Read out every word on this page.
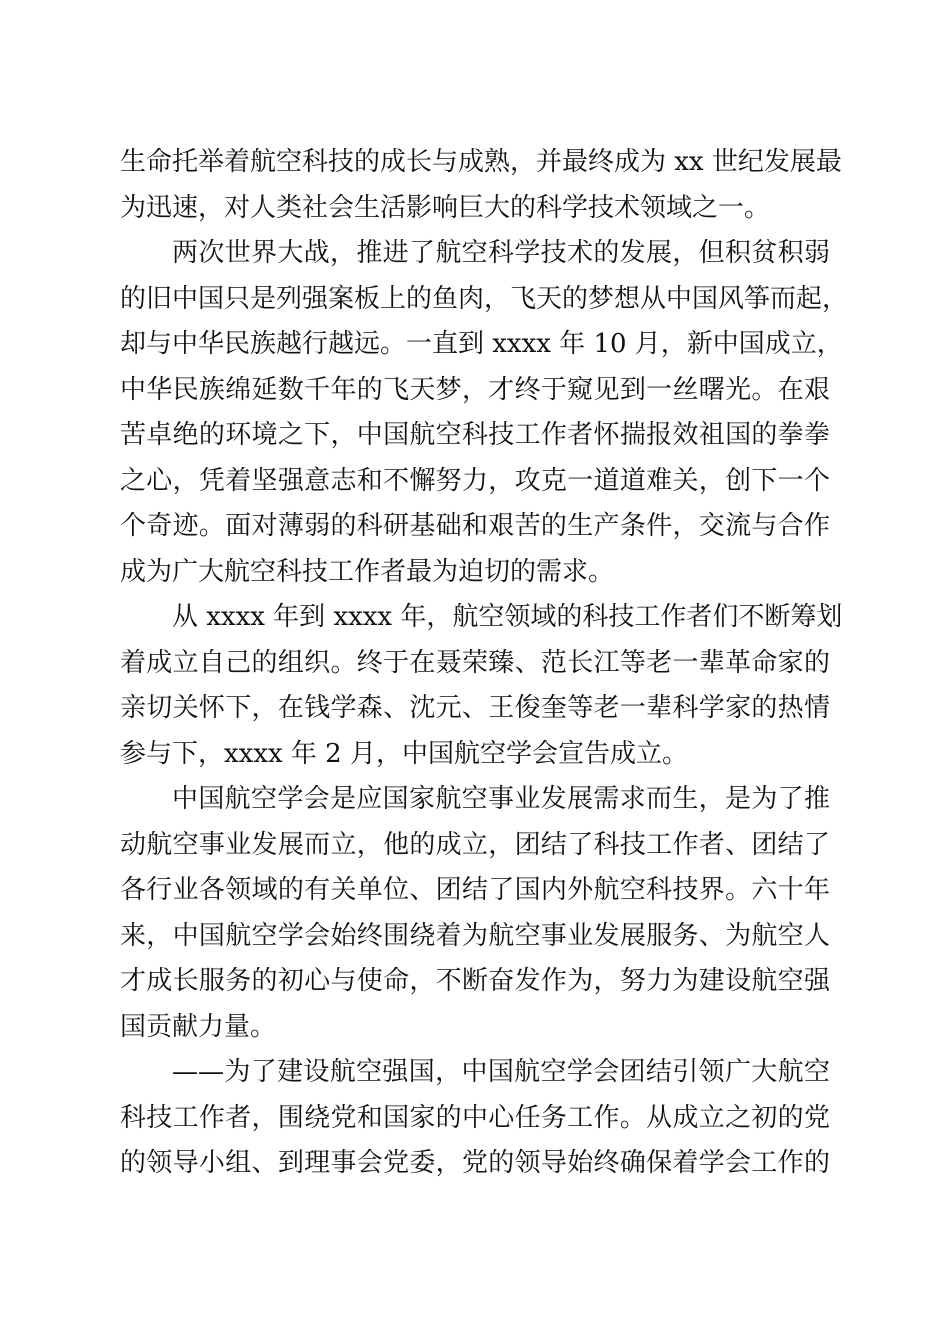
生命托举着航空科技的成长与成熟，并最终成为 xx 世纪发展最
为迅速，对人类社会生活影响巨大的科学技术领域之一。
两次世界大战，推进了航空科学技术的发展，但积贫积弱
的旧中国只是列强案板上的鱼肉，飞天的梦想从中国风筝而起，
却与中华民族越行越远。一直到 xxxx 年 10 月，新中国成立，
中华民族绵延数千年的飞天梦，才终于窥见到一丝曙光。在艰
苦卓绝的环境之下，中国航空科技工作者怀揣报效祖国的拳拳
之心，凭着坚强意志和不懈努力，攻克一道道难关，创下一个
个奇迹。面对薄弱的科研基础和艰苦的生产条件，交流与合作
成为广大航空科技工作者最为迫切的需求。
从 xxxx 年到 xxxx 年，航空领域的科技工作者们不断筹划
着成立自己的组织。终于在聂荣臻、范长江等老一辈革命家的
亲切关怀下，在钱学森、沈元、王俊奎等老一辈科学家的热情
参与下，xxxx 年 2 月，中国航空学会宣告成立。
中国航空学会是应国家航空事业发展需求而生，是为了推
动航空事业发展而立，他的成立，团结了科技工作者、团结了
各行业各领域的有关单位、团结了国内外航空科技界。六十年
来，中国航空学会始终围绕着为航空事业发展服务、为航空人
才成长服务的初心与使命，不断奋发作为，努力为建设航空强
国贡献力量。
——为了建设航空强国，中国航空学会团结引领广大航空
科技工作者，围绕党和国家的中心任务工作。从成立之初的党
的领导小组、到理事会党委，党的领导始终确保着学会工作的
